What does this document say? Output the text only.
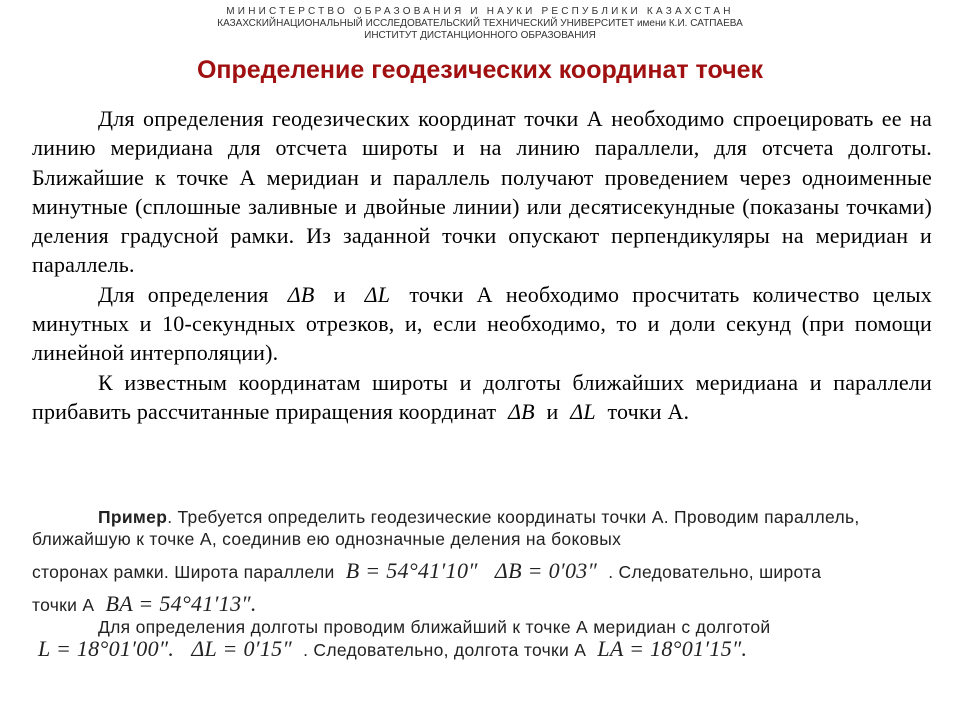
МИНИСТЕРСТВО ОБРАЗОВАНИЯ И НАУКИ РЕСПУБЛИКИ КАЗАХСТАН
КАЗАХСКИЙНАЦИОНАЛЬНЫЙ ИССЛЕДОВАТЕЛЬСКИЙ ТЕХНИЧЕСКИЙ УНИВЕРСИТЕТ имени К.И. САТПАЕВА
ИНСТИТУТ ДИСТАНЦИОННОГО ОБРАЗОВАНИЯ
Определение геодезических координат точек

Для определения геодезических координат точки А необходимо спроецировать ее на линию меридиана для отсчета широты и на линию параллели, для отсчета долготы. Ближайшие к точке А меридиан и параллель получают проведением через одноименные минутные (сплошные заливные и двойные линии) или десятисекундные (показаны точками) деления градусной рамки. Из заданной точки опускают перпендикуляры на меридиан и параллель.

Для определения ΔB и ΔL точки А необходимо просчитать количество целых минутных и 10-секундных отрезков, и, если необходимо, то и доли секунд (при помощи линейной интерполяции).

К известным координатам широты и долготы ближайших меридиана и параллели прибавить рассчитанные приращения координат ΔB и ΔL точки А.

Пример. Требуется определить геодезические координаты точки А. Проводим параллель, ближайшую к точке А, соединив ею однозначные деления на боковых

сторонах рамки. Широта параллели B = 54°41′10″ ΔB = 0′03″ . Следовательно, широта

точки А BA = 54°41′13″.

Для определения долготы проводим ближайший к точке А меридиан с долготой

L = 18°01′00″. ΔL = 0′15″ . Следовательно, долгота точки А LA = 18°01′15″.
